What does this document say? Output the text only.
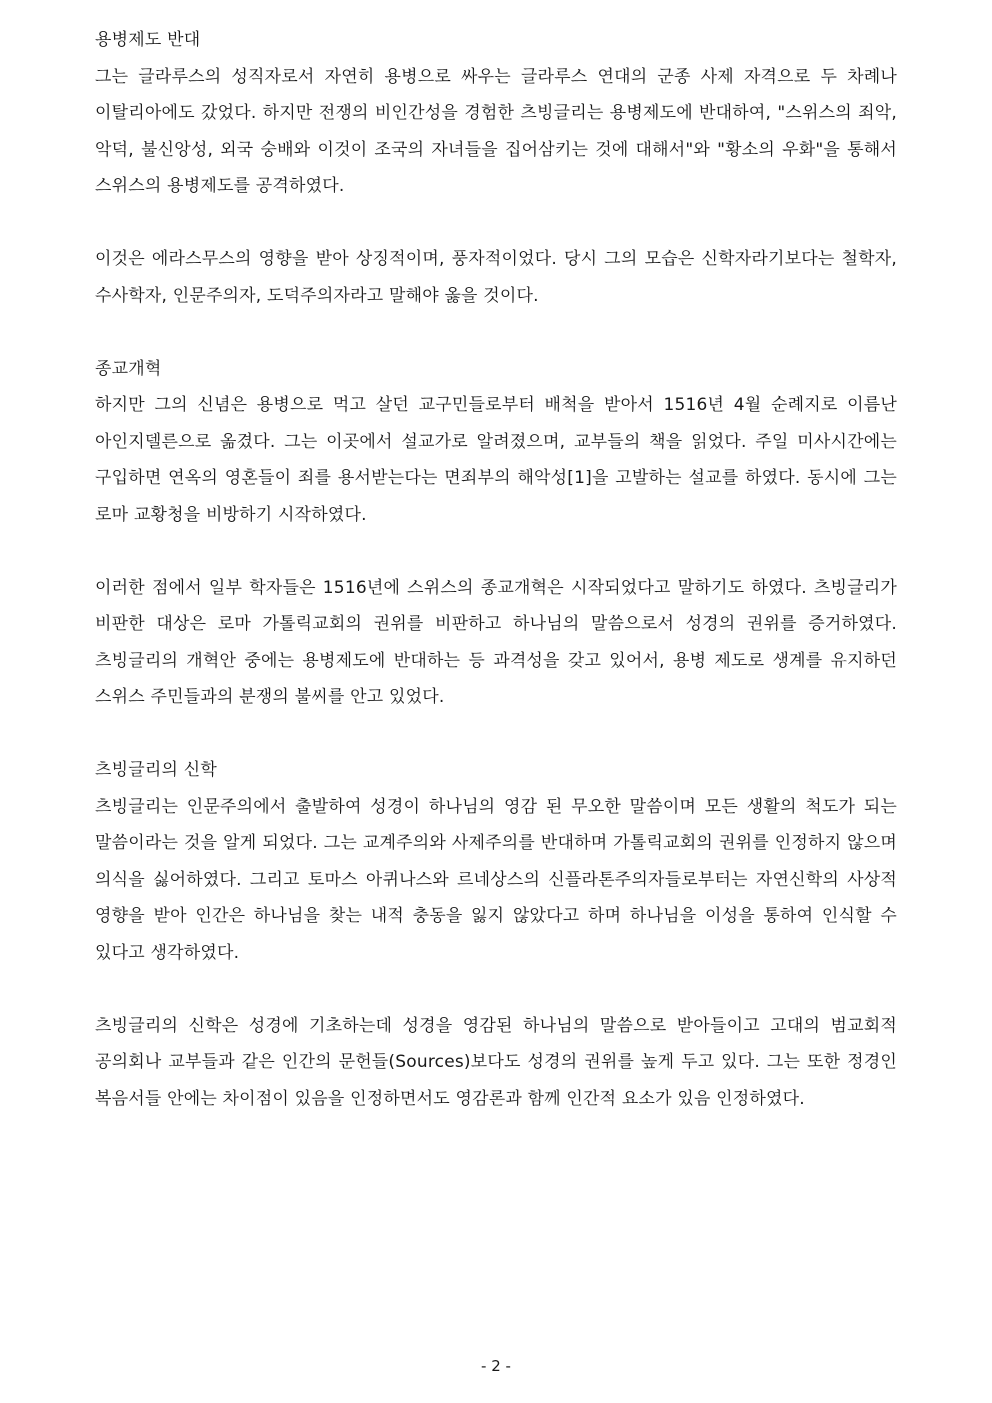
용병제도 반대

그는 글라루스의 성직자로서 자연히 용병으로 싸우는 글라루스 연대의 군종 사제 자격으로 두 차례나 이탈리아에도 갔었다. 하지만 전쟁의 비인간성을 경험한 츠빙글리는 용병제도에 반대하여, "스위스의 죄악, 악덕, 불신앙성, 외국 숭배와 이것이 조국의 자녀들을 집어삼키는 것에 대해서"와 "황소의 우화"을 통해서 스위스의 용병제도를 공격하였다.

이것은 에라스무스의 영향을 받아 상징적이며, 풍자적이었다. 당시 그의 모습은 신학자라기보다는 철학자, 수사학자, 인문주의자, 도덕주의자라고 말해야 옳을 것이다.

종교개혁

하지만 그의 신념은 용병으로 먹고 살던 교구민들로부터 배척을 받아서 1516년 4월 순례지로 이름난 아인지델른으로 옮겼다. 그는 이곳에서 설교가로 알려졌으며, 교부들의 책을 읽었다. 주일 미사시간에는 구입하면 연옥의 영혼들이 죄를 용서받는다는 면죄부의 해악성[1]을 고발하는 설교를 하였다. 동시에 그는 로마 교황청을 비방하기 시작하였다.

이러한 점에서 일부 학자들은 1516년에 스위스의 종교개혁은 시작되었다고 말하기도 하였다. 츠빙글리가 비판한 대상은 로마 가톨릭교회의 권위를 비판하고 하나님의 말씀으로서 성경의 권위를 증거하였다. 츠빙글리의 개혁안 중에는 용병제도에 반대하는 등 과격성을 갖고 있어서, 용병 제도로 생계를 유지하던 스위스 주민들과의 분쟁의 불씨를 안고 있었다.

츠빙글리의 신학

츠빙글리는 인문주의에서 출발하여 성경이 하나님의 영감 된 무오한 말씀이며 모든 생활의 척도가 되는 말씀이라는 것을 알게 되었다. 그는 교계주의와 사제주의를 반대하며 가톨릭교회의 권위를 인정하지 않으며 의식을 싫어하였다. 그리고 토마스 아퀴나스와 르네상스의 신플라톤주의자들로부터는 자연신학의 사상적 영향을 받아 인간은 하나님을 찾는 내적 충동을 잃지 않았다고 하며 하나님을 이성을 통하여 인식할 수 있다고 생각하였다.

츠빙글리의 신학은 성경에 기초하는데 성경을 영감된 하나님의 말씀으로 받아들이고 고대의 범교회적 공의회나 교부들과 같은 인간의 문헌들(Sources)보다도 성경의 권위를 높게 두고 있다. 그는 또한 정경인 복음서들 안에는 차이점이 있음을 인정하면서도 영감론과 함께 인간적 요소가 있음 인정하였다.

- 2 -
